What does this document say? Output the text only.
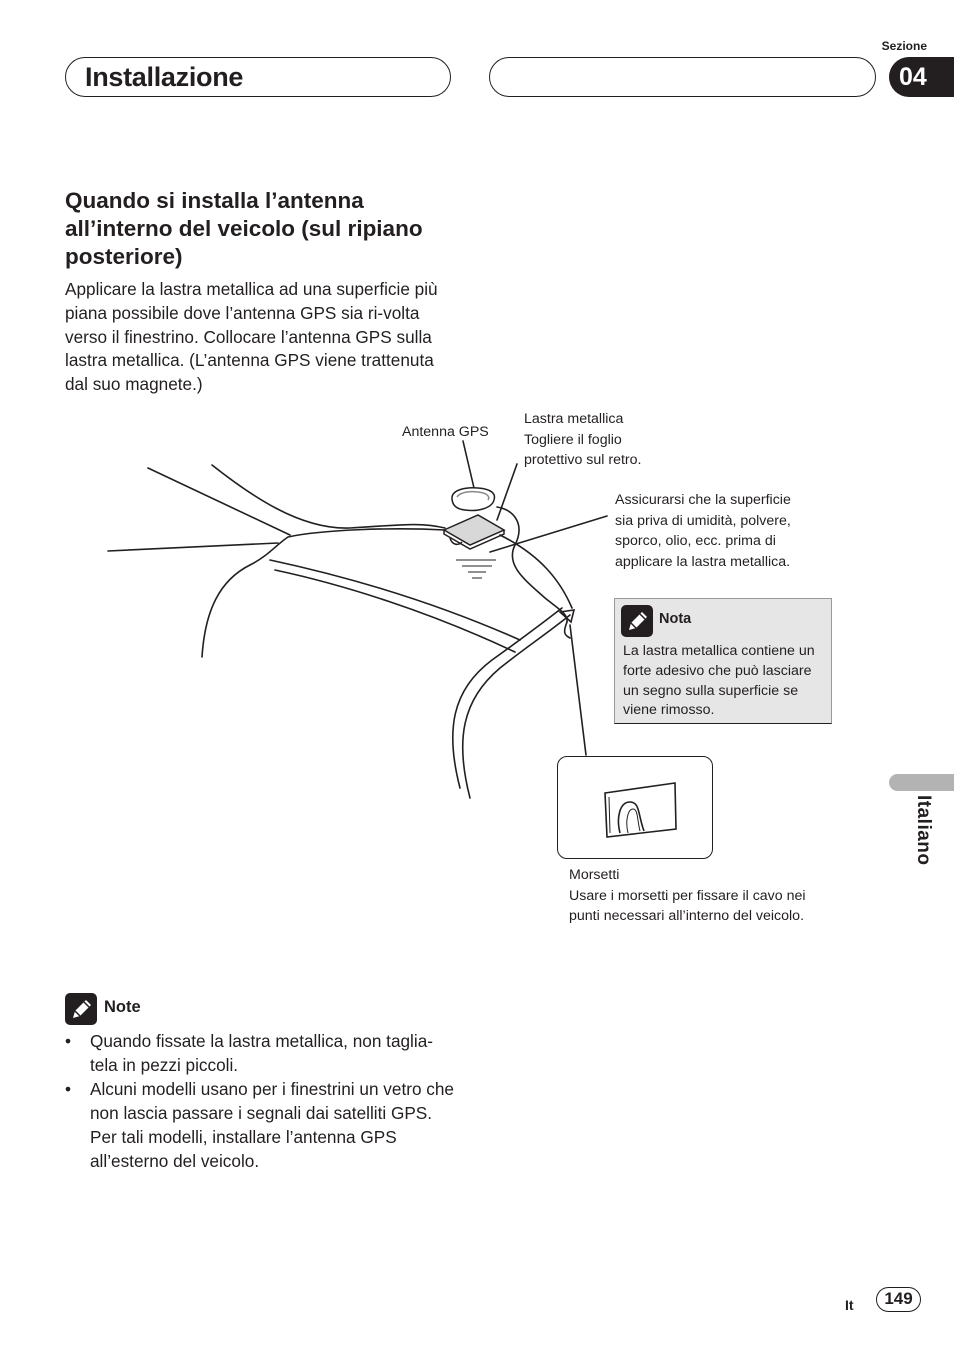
Installazione
Sezione
04
Quando si installa l’antenna all’interno del veicolo (sul ripiano posteriore)

Applicare la lastra metallica ad una superficie più piana possibile dove l’antenna GPS sia ri-volta verso il finestrino. Collocare l’antenna GPS sulla lastra metallica. (L’antenna GPS viene trattenuta dal suo magnete.)

Antenna GPS
Lastra metallica
Togliere il foglio
protettivo sul retro.
Assicurarsi che la superficie
sia priva di umidità, polvere,
sporco, olio, ecc. prima di
applicare la lastra metallica.
Nota
La lastra metallica contiene un forte adesivo che può lasciare un segno sulla superficie se viene rimosso.
Morsetti
Usare i morsetti per fissare il cavo nei punti necessari all’interno del veicolo.
Note
• Quando fissate la lastra metallica, non taglia-tela in pezzi piccoli.
• Alcuni modelli usano per i finestrini un vetro che non lascia passare i segnali dai satelliti GPS. Per tali modelli, installare l’antenna GPS all’esterno del veicolo.
Italiano
It	149
